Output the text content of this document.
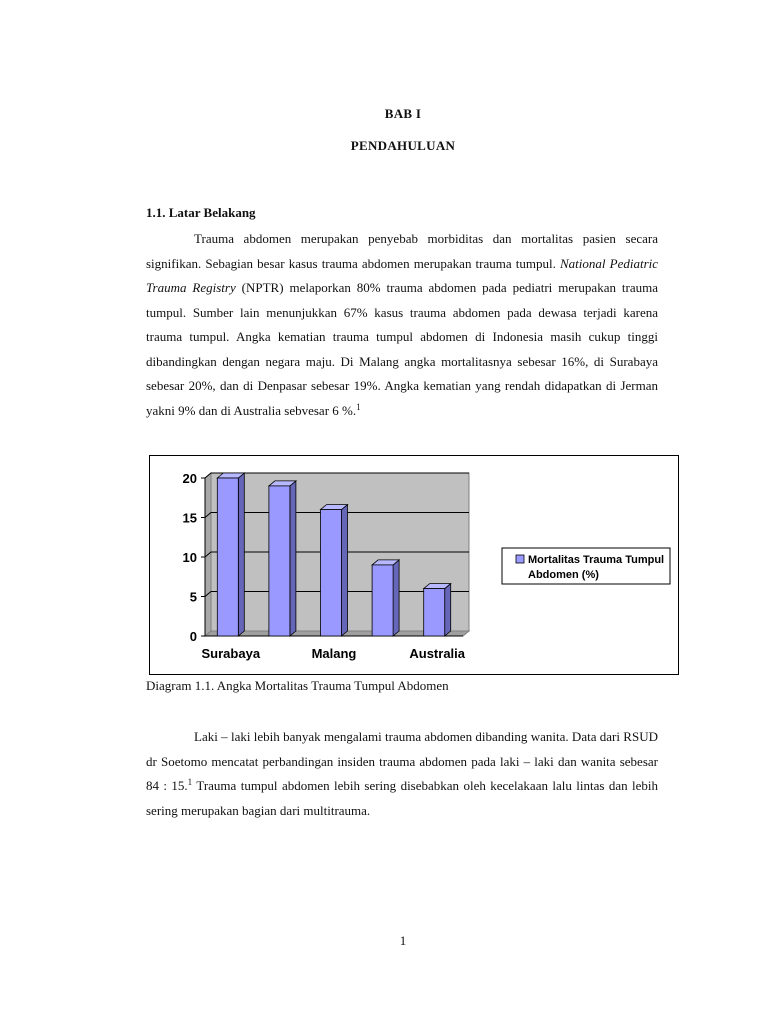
BAB I
PENDAHULUAN
1.1. Latar Belakang
Trauma abdomen merupakan penyebab morbiditas dan mortalitas pasien secara signifikan. Sebagian besar kasus trauma abdomen merupakan trauma tumpul. National Pediatric Trauma Registry (NPTR) melaporkan 80% trauma abdomen pada pediatri merupakan trauma tumpul. Sumber lain menunjukkan 67% kasus trauma abdomen pada dewasa terjadi karena trauma tumpul. Angka kematian trauma tumpul abdomen di Indonesia masih cukup tinggi dibandingkan dengan negara maju. Di Malang angka mortalitasnya sebesar 16%, di Surabaya sebesar 20%, dan di Denpasar sebesar 19%. Angka kematian yang rendah didapatkan di Jerman yakni 9% dan di Australia sebvesar 6 %.$^1$
0
5
10
15
20
Surabaya	Malang	Australia
Mortalitas Trauma Tumpul
Abdomen (%)
Diagram 1.1. Angka Mortalitas Trauma Tumpul Abdomen
Laki – laki lebih banyak mengalami trauma abdomen dibanding wanita. Data dari RSUD dr Soetomo mencatat perbandingan insiden trauma abdomen pada laki – laki dan wanita sebesar 84 : 15.$^1$ Trauma tumpul abdomen lebih sering disebabkan oleh kecelakaan lalu lintas dan lebih sering merupakan bagian dari multitrauma.
1
